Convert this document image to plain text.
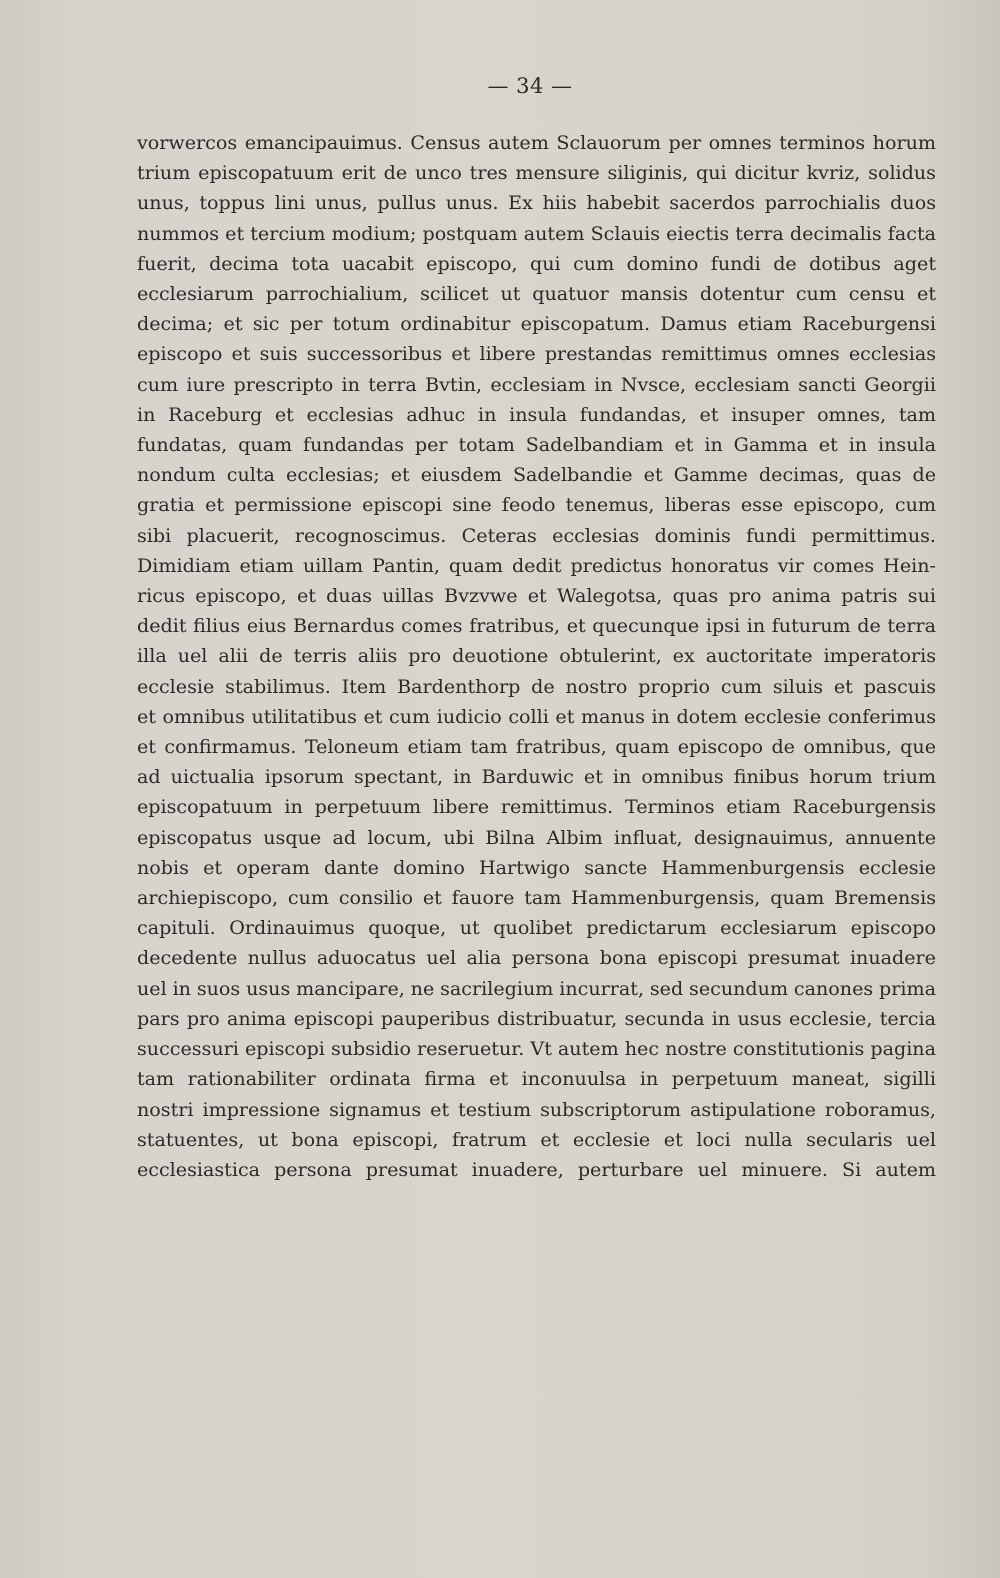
— 34 —
vorwercos emancipauimus. Census autem Sclauorum per omnes terminos horum
trium episcopatuum erit de unco tres mensure siliginis, qui dicitur kvriz, solidus
unus, toppus lini unus, pullus unus. Ex hiis habebit sacerdos parrochialis duos
nummos et tercium modium; postquam autem Sclauis eiectis terra decimalis facta
fuerit, decima tota uacabit episcopo, qui cum domino fundi de dotibus aget
ecclesiarum parrochialium, scilicet ut quatuor mansis dotentur cum censu et
decima; et sic per totum ordinabitur episcopatum. Damus etiam Raceburgensi
episcopo et suis successoribus et libere prestandas remittimus omnes ecclesias
cum iure prescripto in terra Bvtin, ecclesiam in Nvsce, ecclesiam sancti Georgii
in Raceburg et ecclesias adhuc in insula fundandas, et insuper omnes, tam
fundatas, quam fundandas per totam Sadelbandiam et in Gamma et in insula
nondum culta ecclesias; et eiusdem Sadelbandie et Gamme decimas, quas de
gratia et permissione episcopi sine feodo tenemus, liberas esse episcopo, cum
sibi placuerit, recognoscimus. Ceteras ecclesias dominis fundi permittimus.
Dimidiam etiam uillam Pantin, quam dedit predictus honoratus vir comes Hein-
ricus episcopo, et duas uillas Bvzvwe et Walegotsa, quas pro anima patris sui
dedit filius eius Bernardus comes fratribus, et quecunque ipsi in futurum de terra
illa uel alii de terris aliis pro deuotione obtulerint, ex auctoritate imperatoris
ecclesie stabilimus. Item Bardenthorp de nostro proprio cum siluis et pascuis
et omnibus utilitatibus et cum iudicio colli et manus in dotem ecclesie conferimus
et confirmamus. Teloneum etiam tam fratribus, quam episcopo de omnibus, que
ad uictualia ipsorum spectant, in Barduwic et in omnibus finibus horum trium
episcopatuum in perpetuum libere remittimus. Terminos etiam Raceburgensis
episcopatus usque ad locum, ubi Bilna Albim influat, designauimus, annuente
nobis et operam dante domino Hartwigo sancte Hammenburgensis ecclesie
archiepiscopo, cum consilio et fauore tam Hammenburgensis, quam Bremensis
capituli. Ordinauimus quoque, ut quolibet predictarum ecclesiarum episcopo
decedente nullus aduocatus uel alia persona bona episcopi presumat inuadere
uel in suos usus mancipare, ne sacrilegium incurrat, sed secundum canones prima
pars pro anima episcopi pauperibus distribuatur, secunda in usus ecclesie, tercia
successuri episcopi subsidio reseruetur. Vt autem hec nostre constitutionis pagina
tam rationabiliter ordinata firma et inconuulsa in perpetuum maneat, sigilli
nostri impressione signamus et testium subscriptorum astipulatione roboramus,
statuentes, ut bona episcopi, fratrum et ecclesie et loci nulla secularis uel
ecclesiastica persona presumat inuadere, perturbare uel minuere. Si autem
